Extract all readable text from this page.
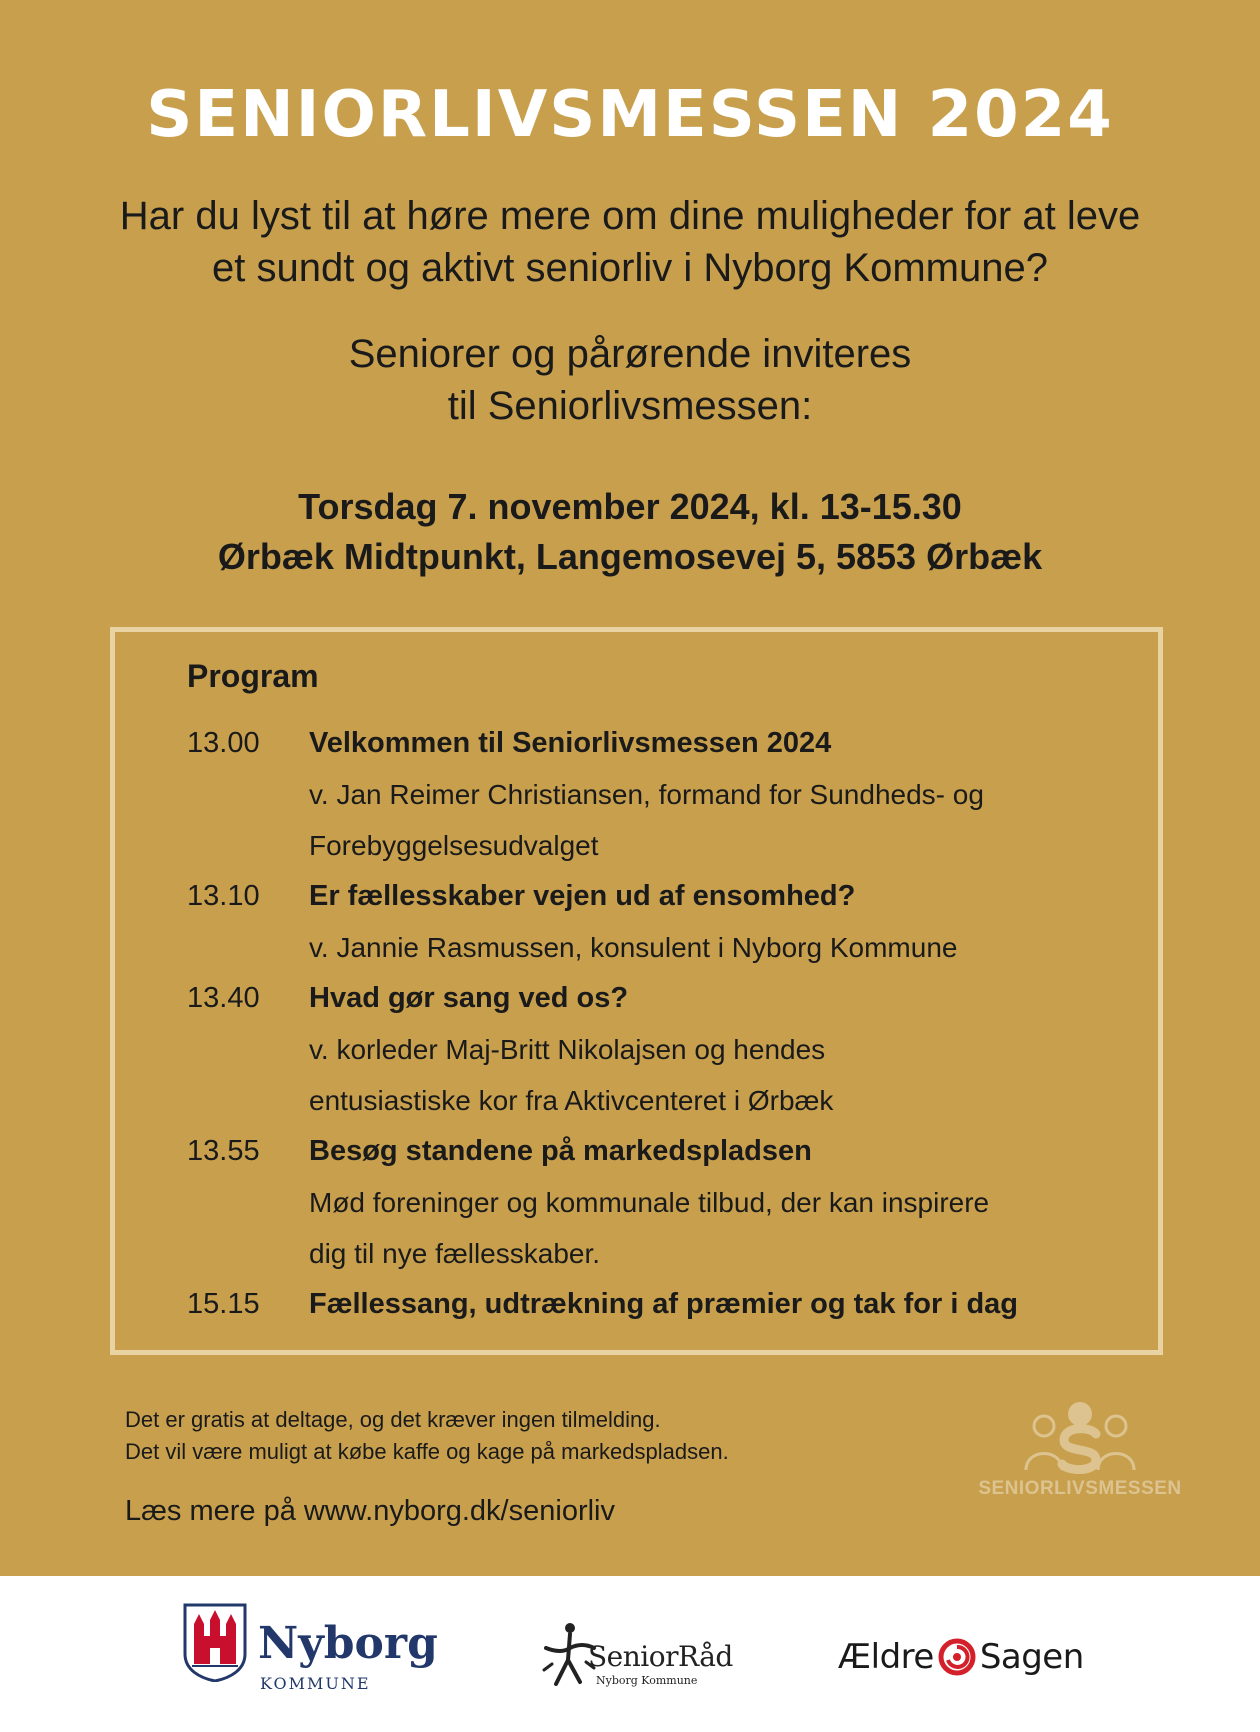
SENIORLIVSMESSEN 2024

Har du lyst til at høre mere om dine muligheder for at leve
et sundt og aktivt seniorliv i Nyborg Kommune?

Seniorer og pårørende inviteres
til Seniorlivsmessen:

Torsdag 7. november 2024, kl. 13-15.30
Ørbæk Midtpunkt, Langemosevej 5, 5853 Ørbæk

Program
13.00	Velkommen til Seniorlivsmessen 2024
v. Jan Reimer Christiansen, formand for Sundheds- og
Forebyggelsesudvalget
13.10	Er fællesskaber vejen ud af ensomhed?
v. Jannie Rasmussen, konsulent i Nyborg Kommune
13.40	Hvad gør sang ved os?
v. korleder Maj-Britt Nikolajsen og hendes
entusiastiske kor fra Aktivcenteret i Ørbæk
13.55	Besøg standene på markedspladsen
Mød foreninger og kommunale tilbud, der kan inspirere
dig til nye fællesskaber.
15.15	Fællessang, udtrækning af præmier og tak for i dag

Det er gratis at deltage, og det kræver ingen tilmelding.
Det vil være muligt at købe kaffe og kage på markedspladsen.

Læs mere på www.nyborg.dk/seniorliv

SENIORLIVSMESSEN
Nyborg
KOMMUNE
SeniorRåd
Nyborg Kommune
Ældre Sagen
